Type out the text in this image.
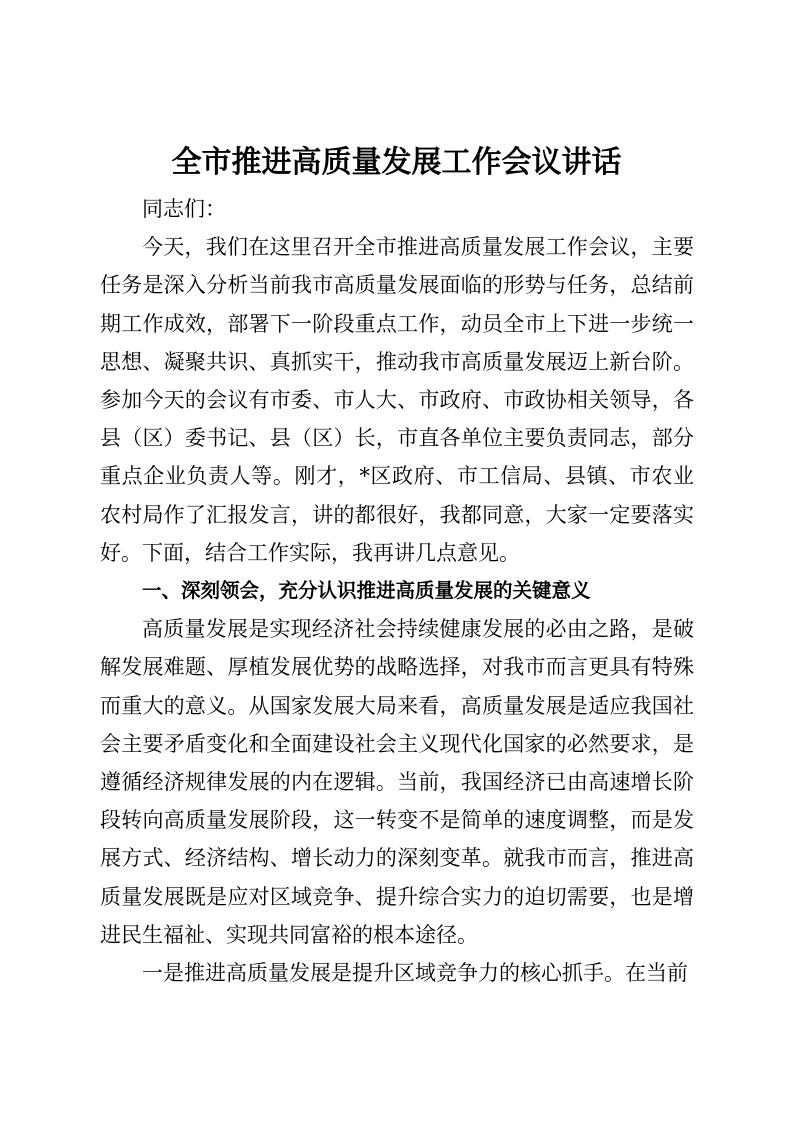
全市推进高质量发展工作会议讲话

同志们：

今天，我们在这里召开全市推进高质量发展工作会议，主要任务是深入分析当前我市高质量发展面临的形势与任务，总结前期工作成效，部署下一阶段重点工作，动员全市上下进一步统一思想、凝聚共识、真抓实干，推动我市高质量发展迈上新台阶。参加今天的会议有市委、市人大、市政府、市政协相关领导，各县（区）委书记、县（区）长，市直各单位主要负责同志，部分重点企业负责人等。刚才，*区政府、市工信局、县镇、市农业农村局作了汇报发言，讲的都很好，我都同意，大家一定要落实好。下面，结合工作实际，我再讲几点意见。

一、深刻领会，充分认识推进高质量发展的关键意义

高质量发展是实现经济社会持续健康发展的必由之路，是破解发展难题、厚植发展优势的战略选择，对我市而言更具有特殊而重大的意义。从国家发展大局来看，高质量发展是适应我国社会主要矛盾变化和全面建设社会主义现代化国家的必然要求，是遵循经济规律发展的内在逻辑。当前，我国经济已由高速增长阶段转向高质量发展阶段，这一转变不是简单的速度调整，而是发展方式、经济结构、增长动力的深刻变革。就我市而言，推进高质量发展既是应对区域竞争、提升综合实力的迫切需要，也是增进民生福祉、实现共同富裕的根本途径。

一是推进高质量发展是提升区域竞争力的核心抓手。在当前
